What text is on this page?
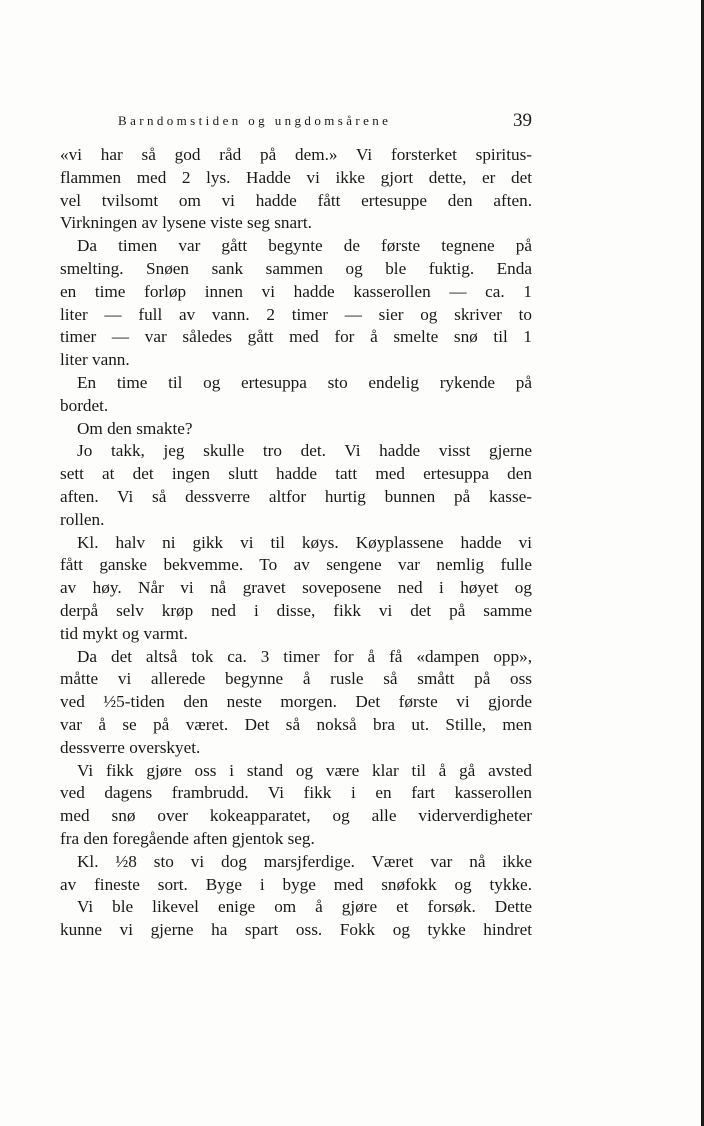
Barndomstiden og ungdomsårene	39
«vi har så god råd på dem.» Vi forsterket spiritus-
flammen med 2 lys. Hadde vi ikke gjort dette, er det
vel tvilsomt om vi hadde fått ertesuppe den aften.
Virkningen av lysene viste seg snart.
Da timen var gått begynte de første tegnene på
smelting. Snøen sank sammen og ble fuktig. Enda
en time forløp innen vi hadde kasserollen — ca. 1
liter — full av vann. 2 timer — sier og skriver to
timer — var således gått med for å smelte snø til 1
liter vann.
En time til og ertesuppa sto endelig rykende på
bordet.
Om den smakte?
Jo takk, jeg skulle tro det. Vi hadde visst gjerne
sett at det ingen slutt hadde tatt med ertesuppa den
aften. Vi så dessverre altfor hurtig bunnen på kasse-
rollen.
Kl. halv ni gikk vi til køys. Køyplassene hadde vi
fått ganske bekvemme. To av sengene var nemlig fulle
av høy. Når vi nå gravet soveposene ned i høyet og
derpå selv krøp ned i disse, fikk vi det på samme
tid mykt og varmt.
Da det altså tok ca. 3 timer for å få «dampen opp»,
måtte vi allerede begynne å rusle så smått på oss
ved ½5-tiden den neste morgen. Det første vi gjorde
var å se på været. Det så nokså bra ut. Stille, men
dessverre overskyet.
Vi fikk gjøre oss i stand og være klar til å gå avsted
ved dagens frambrudd. Vi fikk i en fart kasserollen
med snø over kokeapparatet, og alle viderverdigheter
fra den foregående aften gjentok seg.
Kl. ½8 sto vi dog marsjferdige. Været var nå ikke
av fineste sort. Byge i byge med snøfokk og tykke.
Vi ble likevel enige om å gjøre et forsøk. Dette
kunne vi gjerne ha spart oss. Fokk og tykke hindret
